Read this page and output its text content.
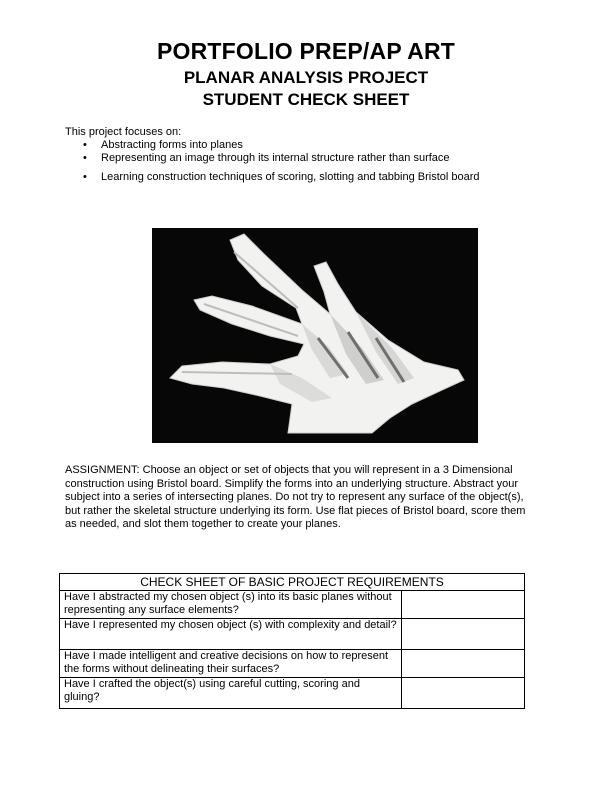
PORTFOLIO PREP/AP ART
PLANAR ANALYSIS PROJECT
STUDENT CHECK SHEET
This project focuses on:
• Abstracting forms into planes
• Representing an image through its internal structure rather than surface
• Learning construction techniques of scoring, slotting and tabbing Bristol board
ASSIGNMENT: Choose an object or set of objects that you will represent in a 3 Dimensional construction using Bristol board. Simplify the forms into an underlying structure. Abstract your subject into a series of intersecting planes. Do not try to represent any surface of the object(s), but rather the skeletal structure underlying its form. Use flat pieces of Bristol board, score them as needed, and slot them together to create your planes.
CHECK SHEET OF BASIC PROJECT REQUIREMENTS	
Have I abstracted my chosen object (s) into its basic planes without representing any surface elements?	
Have I represented my chosen object (s) with complexity and detail?	
Have I made intelligent and creative decisions on how to represent the forms without delineating their surfaces?	
Have I crafted the object(s) using careful cutting, scoring and gluing?	
